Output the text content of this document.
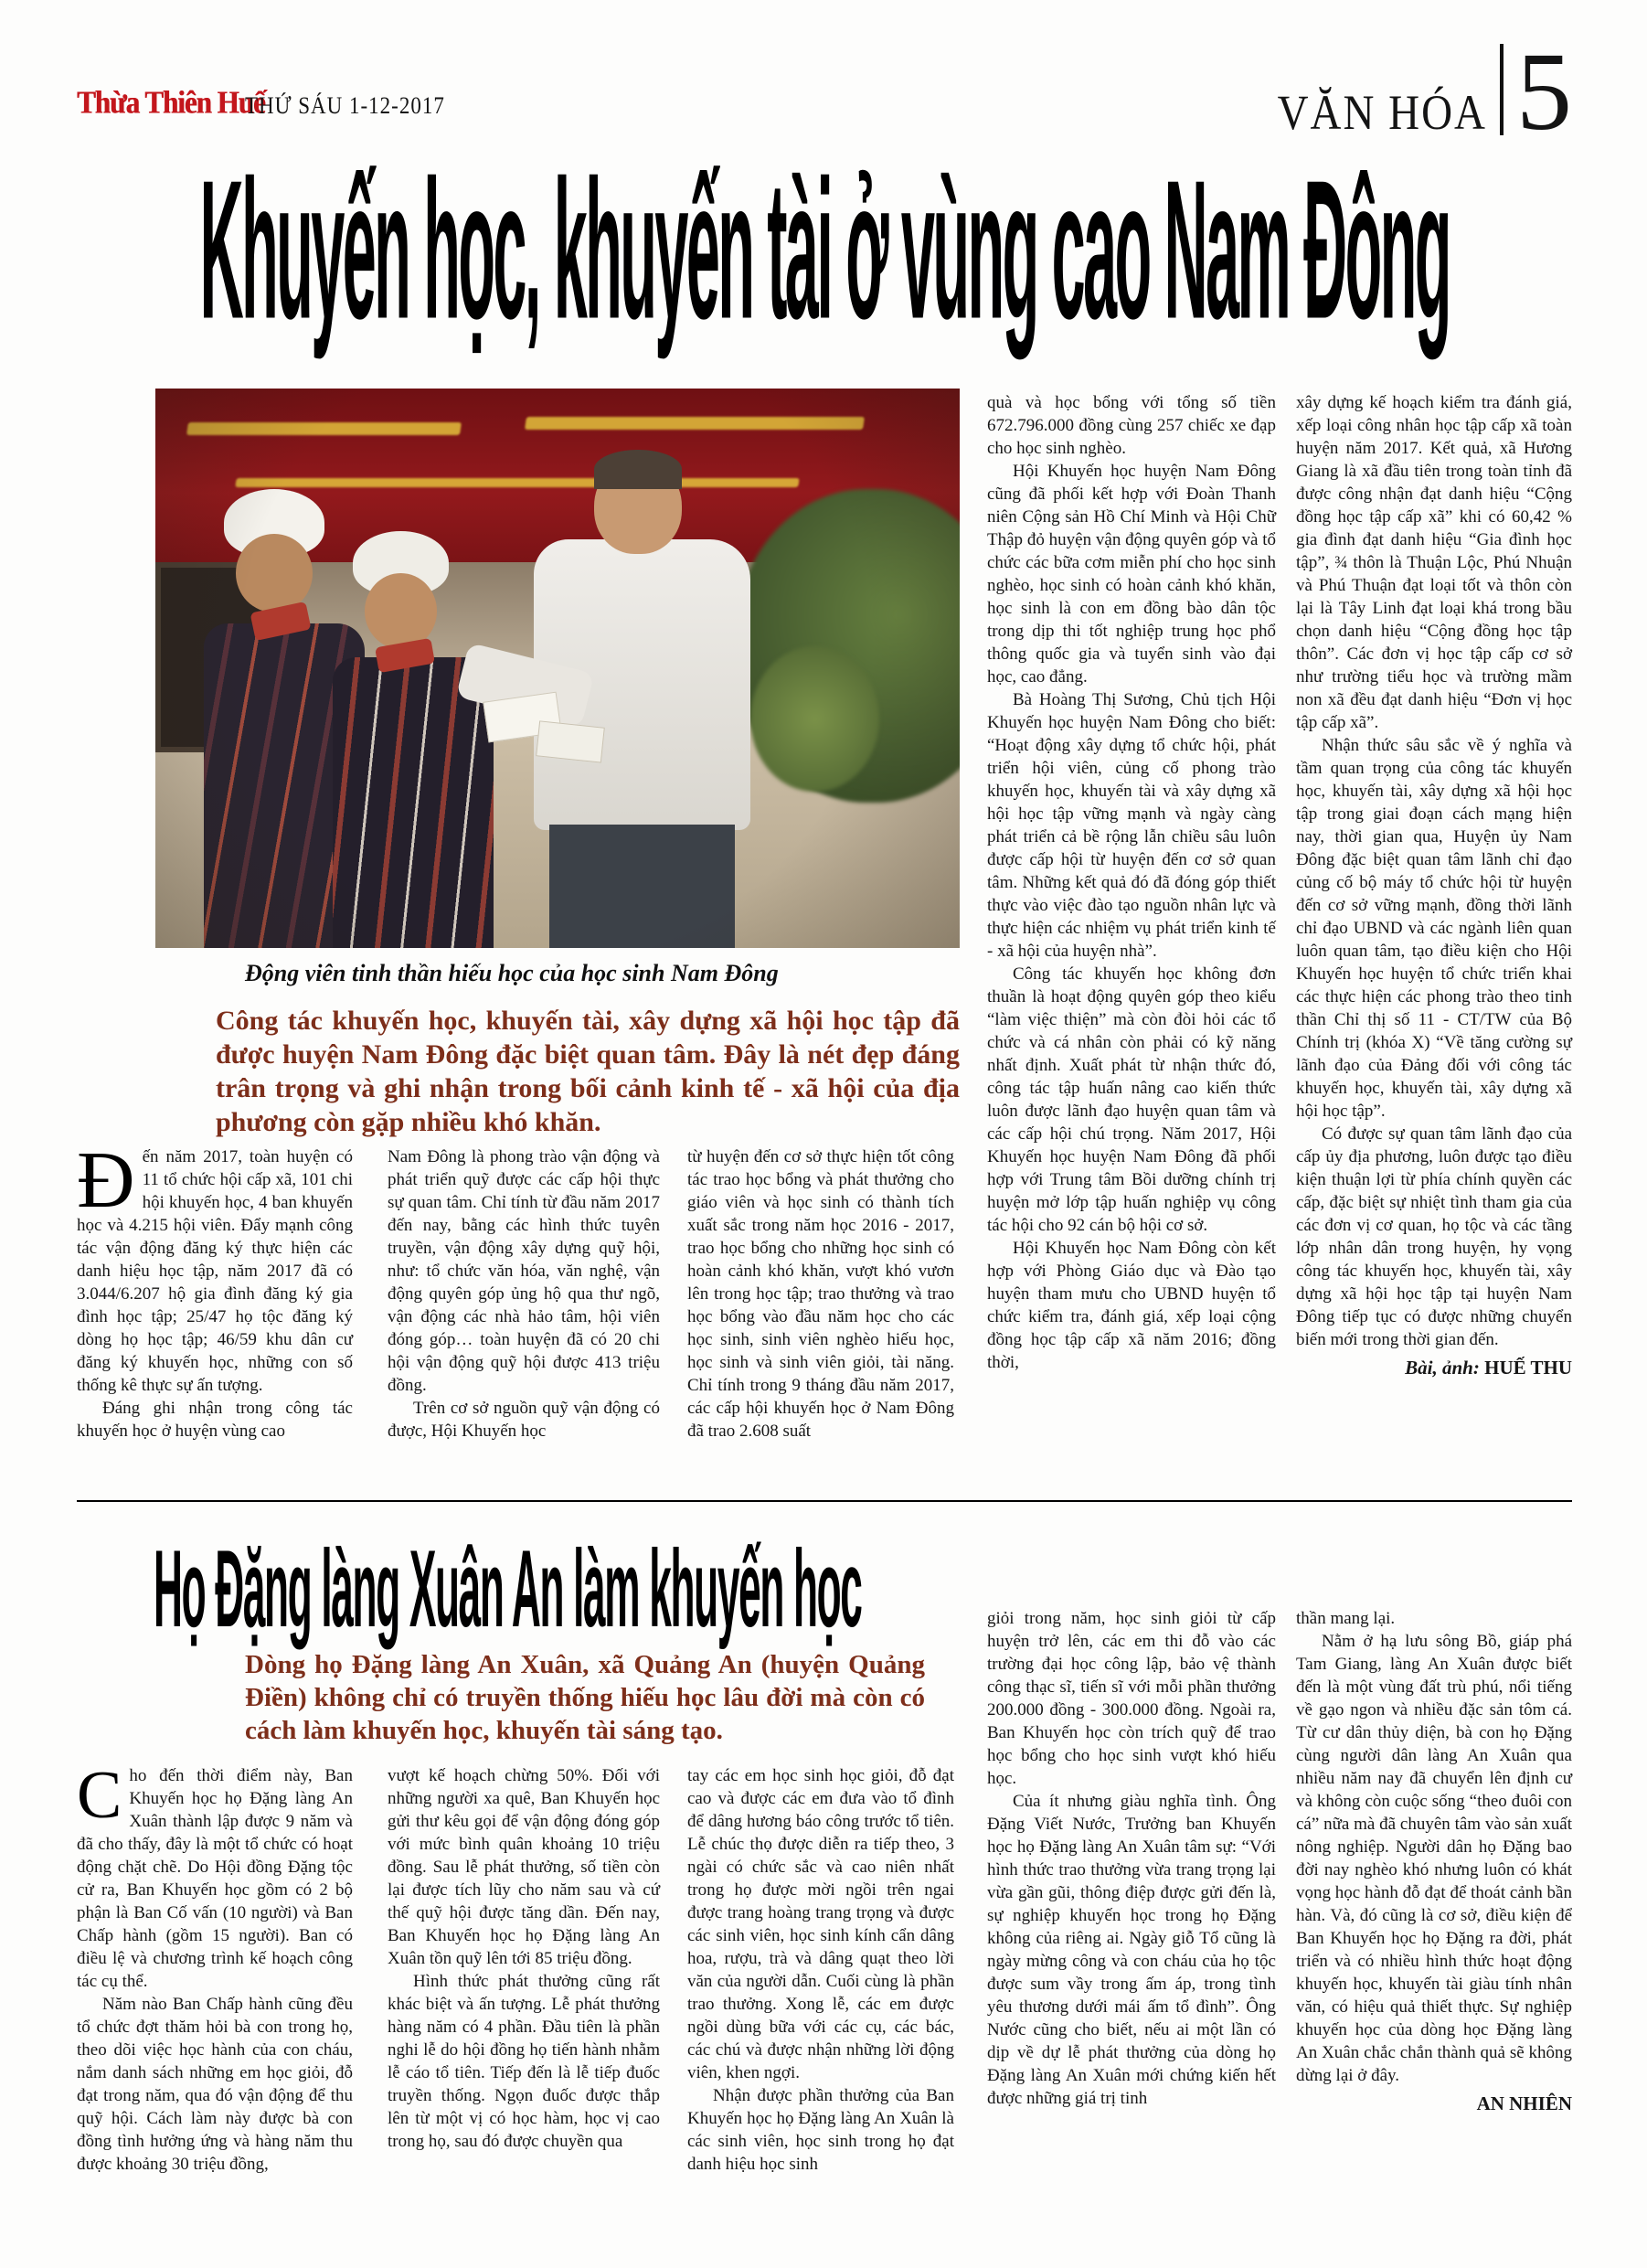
Thừa Thiên Huế
THỨ SÁU 1-12-2017	VĂN HÓA 5
Khuyến học, khuyến tài ở vùng cao Nam Đông
Động viên tinh thần hiếu học của học sinh Nam Đông
Công tác khuyến học, khuyến tài, xây dựng xã hội học tập đã được huyện Nam Đông đặc biệt quan tâm. Đây là nét đẹp đáng trân trọng và ghi nhận trong bối cảnh kinh tế - xã hội của địa phương còn gặp nhiều khó khăn.

Đến năm 2017, toàn huyện có 11 tổ chức hội cấp xã, 101 chi hội khuyến học, 4 ban khuyến học và 4.215 hội viên. Đẩy mạnh công tác vận động đăng ký thực hiện các danh hiệu học tập, năm 2017 đã có 3.044/6.207 hộ gia đình đăng ký gia đình học tập; 25/47 họ tộc đăng ký dòng họ học tập; 46/59 khu dân cư đăng ký khuyến học, những con số thống kê thực sự ấn tượng.

Đáng ghi nhận trong công tác khuyến học ở huyện vùng cao

Nam Đông là phong trào vận động và phát triển quỹ được các cấp hội thực sự quan tâm. Chỉ tính từ đầu năm 2017 đến nay, bằng các hình thức tuyên truyền, vận động xây dựng quỹ hội, như: tổ chức văn hóa, văn nghệ, vận động quyên góp ủng hộ qua thư ngõ, vận động các nhà hảo tâm, hội viên đóng góp… toàn huyện đã có 20 chi hội vận động quỹ hội được 413 triệu đồng.

Trên cơ sở nguồn quỹ vận động có được, Hội Khuyến học

từ huyện đến cơ sở thực hiện tốt công tác trao học bổng và phát thưởng cho giáo viên và học sinh có thành tích xuất sắc trong năm học 2016 - 2017, trao học bổng cho những học sinh có hoàn cảnh khó khăn, vượt khó vươn lên trong học tập; trao thưởng và trao học bổng vào đầu năm học cho các học sinh, sinh viên nghèo hiếu học, học sinh và sinh viên giỏi, tài năng. Chỉ tính trong 9 tháng đầu năm 2017, các cấp hội khuyến học ở Nam Đông đã trao 2.608 suất

quà và học bổng với tổng số tiền 672.796.000 đồng cùng 257 chiếc xe đạp cho học sinh nghèo.

Hội Khuyến học huyện Nam Đông cũng đã phối kết hợp với Đoàn Thanh niên Cộng sản Hồ Chí Minh và Hội Chữ Thập đỏ huyện vận động quyên góp và tổ chức các bữa cơm miễn phí cho học sinh nghèo, học sinh có hoàn cảnh khó khăn, học sinh là con em đồng bào dân tộc trong dịp thi tốt nghiệp trung học phổ thông quốc gia và tuyển sinh vào đại học, cao đẳng.

Bà Hoàng Thị Sương, Chủ tịch Hội Khuyến học huyện Nam Đông cho biết: “Hoạt động xây dựng tổ chức hội, phát triển hội viên, củng cố phong trào khuyến học, khuyến tài và xây dựng xã hội học tập vững mạnh và ngày càng phát triển cả bề rộng lẫn chiều sâu luôn được cấp hội từ huyện đến cơ sở quan tâm. Những kết quả đó đã đóng góp thiết thực vào việc đào tạo nguồn nhân lực và thực hiện các nhiệm vụ phát triển kinh tế - xã hội của huyện nhà”.

Công tác khuyến học không đơn thuần là hoạt động quyên góp theo kiểu “làm việc thiện” mà còn đòi hỏi các tổ chức và cá nhân còn phải có kỹ năng nhất định. Xuất phát từ nhận thức đó, công tác tập huấn nâng cao kiến thức luôn được lãnh đạo huyện quan tâm và các cấp hội chú trọng. Năm 2017, Hội Khuyến học huyện Nam Đông đã phối hợp với Trung tâm Bồi dưỡng chính trị huyện mở lớp tập huấn nghiệp vụ công tác hội cho 92 cán bộ hội cơ sở.

Hội Khuyến học Nam Đông còn kết hợp với Phòng Giáo dục và Đào tạo huyện tham mưu cho UBND huyện tổ chức kiểm tra, đánh giá, xếp loại cộng đồng học tập cấp xã năm 2016; đồng thời,

xây dựng kế hoạch kiểm tra đánh giá, xếp loại công nhân học tập cấp xã toàn huyện năm 2017. Kết quả, xã Hương Giang là xã đầu tiên trong toàn tỉnh đã được công nhận đạt danh hiệu “Cộng đồng học tập cấp xã” khi có 60,42 % gia đình đạt danh hiệu “Gia đình học tập”, ¾ thôn là Thuận Lộc, Phú Nhuận và Phú Thuận đạt loại tốt và thôn còn lại là Tây Linh đạt loại khá trong bầu chọn danh hiệu “Cộng đồng học tập thôn”. Các đơn vị học tập cấp cơ sở như trường tiểu học và trường mầm non xã đều đạt danh hiệu “Đơn vị học tập cấp xã”.

Nhận thức sâu sắc về ý nghĩa và tầm quan trọng của công tác khuyến học, khuyến tài, xây dựng xã hội học tập trong giai đoạn cách mạng hiện nay, thời gian qua, Huyện ủy Nam Đông đặc biệt quan tâm lãnh chỉ đạo củng cố bộ máy tổ chức hội từ huyện đến cơ sở vững mạnh, đồng thời lãnh chỉ đạo UBND và các ngành liên quan luôn quan tâm, tạo điều kiện cho Hội Khuyến học huyện tổ chức triển khai các thực hiện các phong trào theo tinh thần Chỉ thị số 11 - CT/TW của Bộ Chính trị (khóa X) “Về tăng cường sự lãnh đạo của Đảng đối với công tác khuyến học, khuyến tài, xây dựng xã hội học tập”.

Có được sự quan tâm lãnh đạo của cấp ủy địa phương, luôn được tạo điều kiện thuận lợi từ phía chính quyền các cấp, đặc biệt sự nhiệt tình tham gia của các đơn vị cơ quan, họ tộc và các tầng lớp nhân dân trong huyện, hy vọng công tác khuyến học, khuyến tài, xây dựng xã hội học tập tại huyện Nam Đông tiếp tục có được những chuyển biến mới trong thời gian đến.

Bài, ảnh: HUẾ THU
Họ Đặng làng Xuân An làm khuyến học
Dòng họ Đặng làng An Xuân, xã Quảng An (huyện Quảng Điền) không chỉ có truyền thống hiếu học lâu đời mà còn có cách làm khuyến học, khuyến tài sáng tạo.

Cho đến thời điểm này, Ban Khuyến học họ Đặng làng An Xuân thành lập được 9 năm và đã cho thấy, đây là một tổ chức có hoạt động chặt chẽ. Do Hội đồng Đặng tộc cử ra, Ban Khuyến học gồm có 2 bộ phận là Ban Cố vấn (10 người) và Ban Chấp hành (gồm 15 người). Ban có điều lệ và chương trình kế hoạch công tác cụ thể.

Năm nào Ban Chấp hành cũng đều tổ chức đợt thăm hỏi bà con trong họ, theo dõi việc học hành của con cháu, nắm danh sách những em học giỏi, đỗ đạt trong năm, qua đó vận động để thu quỹ hội. Cách làm này được bà con đồng tình hưởng ứng và hàng năm thu được khoảng 30 triệu đồng,

vượt kế hoạch chừng 50%. Đối với những người xa quê, Ban Khuyến học gửi thư kêu gọi để vận động đóng góp với mức bình quân khoảng 10 triệu đồng. Sau lễ phát thưởng, số tiền còn lại được tích lũy cho năm sau và cứ thế quỹ hội được tăng dần. Đến nay, Ban Khuyến học họ Đặng làng An Xuân tồn quỹ lên tới 85 triệu đồng.

Hình thức phát thưởng cũng rất khác biệt và ấn tượng. Lễ phát thưởng hàng năm có 4 phần. Đầu tiên là phần nghi lễ do hội đồng họ tiến hành nhằm lễ cáo tổ tiên. Tiếp đến là lễ tiếp đuốc truyền thống. Ngọn đuốc được thắp lên từ một vị có học hàm, học vị cao trong họ, sau đó được chuyền qua

tay các em học sinh học giỏi, đỗ đạt cao và được các em đưa vào tổ đình để dâng hương báo công trước tổ tiên. Lễ chúc thọ được diễn ra tiếp theo, 3 ngài có chức sắc và cao niên nhất trong họ được mời ngồi trên ngai được trang hoàng trang trọng và được các sinh viên, học sinh kính cẩn dâng hoa, rượu, trà và dâng quạt theo lời văn của người dẫn. Cuối cùng là phần trao thưởng. Xong lễ, các em được ngồi dùng bữa với các cụ, các bác, các chú và được nhận những lời động viên, khen ngợi.

Nhận được phần thưởng của Ban Khuyến học họ Đặng làng An Xuân là các sinh viên, học sinh trong họ đạt danh hiệu học sinh

giỏi trong năm, học sinh giỏi từ cấp huyện trở lên, các em thi đỗ vào các trường đại học công lập, bảo vệ thành công thạc sĩ, tiến sĩ với mỗi phần thưởng 200.000 đồng - 300.000 đồng. Ngoài ra, Ban Khuyến học còn trích quỹ để trao học bổng cho học sinh vượt khó hiếu học.

Của ít nhưng giàu nghĩa tình. Ông Đặng Viết Nước, Trưởng ban Khuyến học họ Đặng làng An Xuân tâm sự: “Với hình thức trao thưởng vừa trang trọng lại vừa gần gũi, thông điệp được gửi đến là, sự nghiệp khuyến học trong họ Đặng không của riêng ai. Ngày giỗ Tổ cũng là ngày mừng công và con cháu của họ tộc được sum vầy trong ấm áp, trong tình yêu thương dưới mái ấm tổ đình”. Ông Nước cũng cho biết, nếu ai một lần có dịp về dự lễ phát thưởng của dòng họ Đặng làng An Xuân mới chứng kiến hết được những giá trị tinh

thần mang lại.

Nằm ở hạ lưu sông Bồ, giáp phá Tam Giang, làng An Xuân được biết đến là một vùng đất trù phú, nổi tiếng về gạo ngon và nhiều đặc sản tôm cá. Từ cư dân thủy diện, bà con họ Đặng cùng người dân làng An Xuân qua nhiều năm nay đã chuyển lên định cư và không còn cuộc sống “theo đuôi con cá” nữa mà đã chuyên tâm vào sản xuất nông nghiệp. Người dân họ Đặng bao đời nay nghèo khó nhưng luôn có khát vọng học hành đỗ đạt để thoát cảnh bần hàn. Và, đó cũng là cơ sở, điều kiện để Ban Khuyến học họ Đặng ra đời, phát triển và có nhiều hình thức hoạt động khuyến học, khuyến tài giàu tính nhân văn, có hiệu quả thiết thực. Sự nghiệp khuyến học của dòng học Đặng làng An Xuân chắc chắn thành quả sẽ không dừng lại ở đây.

AN NHIÊN
